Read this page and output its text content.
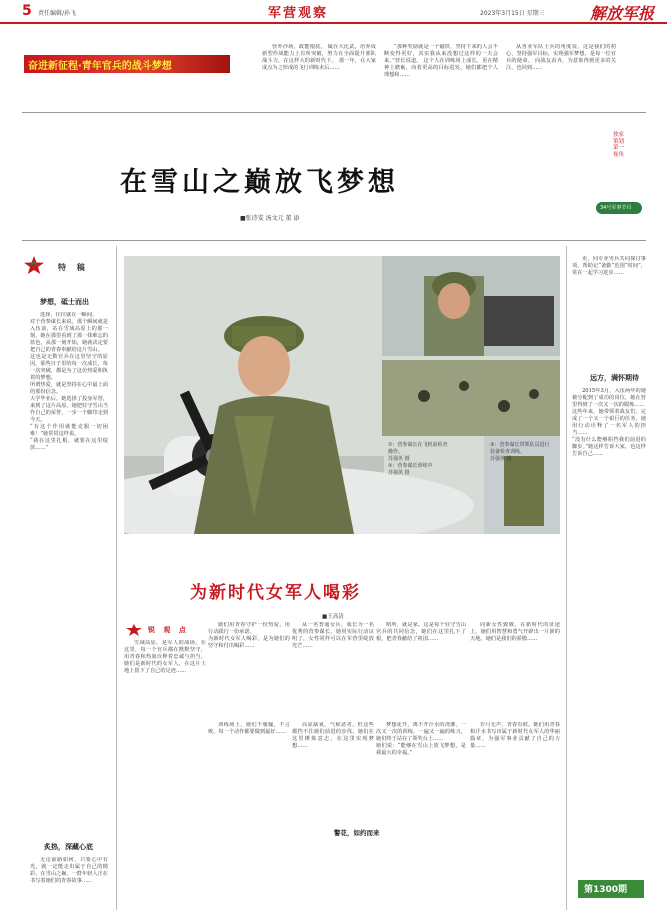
5 责任编辑/孙飞	军营观察	2023年3月15日 星期三	解放军报
奋进新征程·青年官兵的战斗梦想

营外沙场，政能根底。 砥在大比武，培养成新型作战能力上有所突破，努力在全面提升部队战斗力，在这样大的新时代下。 那一年，在大家成点为之形成的飞行训练末后……

“那种奖励就是一个磁铁，坚持下来的人会不断变得更好，其实我从来没想过这样的一天会来。”营长说道。 这个人在训练场上成长，更在精神上磨砺，向着更高的目标进发，她们都把个人理想和……

从各业军队士兵的角度说，这是我们的初心，坚持强军目标，实现强军梦想，是每一位官兵的使命。 向战友看齐，为意象得到更多的关注，也回到……

在雪山之巅放飞梦想
■张诗雯 汤文元 董 添
独家策划 第一视角
34号军事节目
特 稿
梦想，砥士而出

选择，往往就在一瞬间。
对于营参谋长来说，那个瞬间就是入伍前，站在雪域高原上的那一刻，她在那里看到了那一抹难忘的蓝色，从那一刻开始，她就决定要把自己的青春奉献给这片雪山。
这也是无数官兵在这里坚守的原因，那些日子里的每一次成长，每一次突破，都是为了这份热爱和执着的梦想。
所谓热爱，就是坚持在心中最上面的那份信念。
大学毕业后，她选择了投身军营，来到了这片高原。她把驻守雪山当作自己的荣誉，一步一个脚印走到今天。
“有这个作用就能克服一切困难！”她常常这样说。
“我在这里扎根，就要在这里绽放……”

炙热，深藏心底

无论前路如何，只要心中有光，就一定能走出属于自己的精彩。在雪山之巅，一群年轻人正在书写着她们的青春故事……

①：营参谋长在飞机前检查操作。
苏强英 摄
②：营参谋长训练中
苏强英 摄
③：营参谋长带领队员进行装备检查训练。
苏强英 摄
为新时代女军人喝彩
■王高清
锐 观 点

雪域高原，是军人的战场。在这里，每一个官兵都在默默坚守，用青春和热血诠释着忠诚与担当。她们是新时代的女军人，在这片土地上留下了自己的足迹……

她们用青春守护一份热爱，用行动践行一份承诺。
为新时代女军人喝彩，是为她们的坚守和付出喝彩……

从一名普通女兵，成长为一名优秀的营参谋长，她用实际行动证明了，女性同样可以在军营里绽放光芒……

哨所，就是家。这是每个驻守雪山官兵的共同信念，她们在这里扎下了根，把青春献给了祖国……

向新女性致敬，在新时代的征途上，她们用智慧和勇气开辟出一片新的天地。她们是我们的骄傲……

训练场上，她们不服输，不言败，每一个动作都要做到最好……

高原缺氧，气候恶劣，但这些都挡不住她们前进的步伐。她们在这里锤炼意志，在这里实现梦想……

警花，如约而来

梦想花开，离不开汗水的浇灌。一次又一次的训练，一遍又一遍的练习，她们终于站在了领奖台上……
她们说：“能够在雪山上放飞梦想，是我最大的幸福。”

岁月无声，青春有痕。她们用青春和汗水书写出属于新时代女军人的华丽篇章，为强军事业贡献了自己的力量……

更，同专业男兵共同探讨事项，帮助记“备勤”范围“时间”，常在一起学习进步……

远方，满怀期待

2015年3月，入伍两年的她被分配到了成功的岗位，她在营里得到了一次又一次的锻炼……
这些年来，她带领着战友们，完成了一个又一个艰巨的任务，她用行动诠释了一名军人的担当……
“没有什么能够阻挡我们前进的脚步。”她这样告诉大家，也这样告诉自己……

第1300期
